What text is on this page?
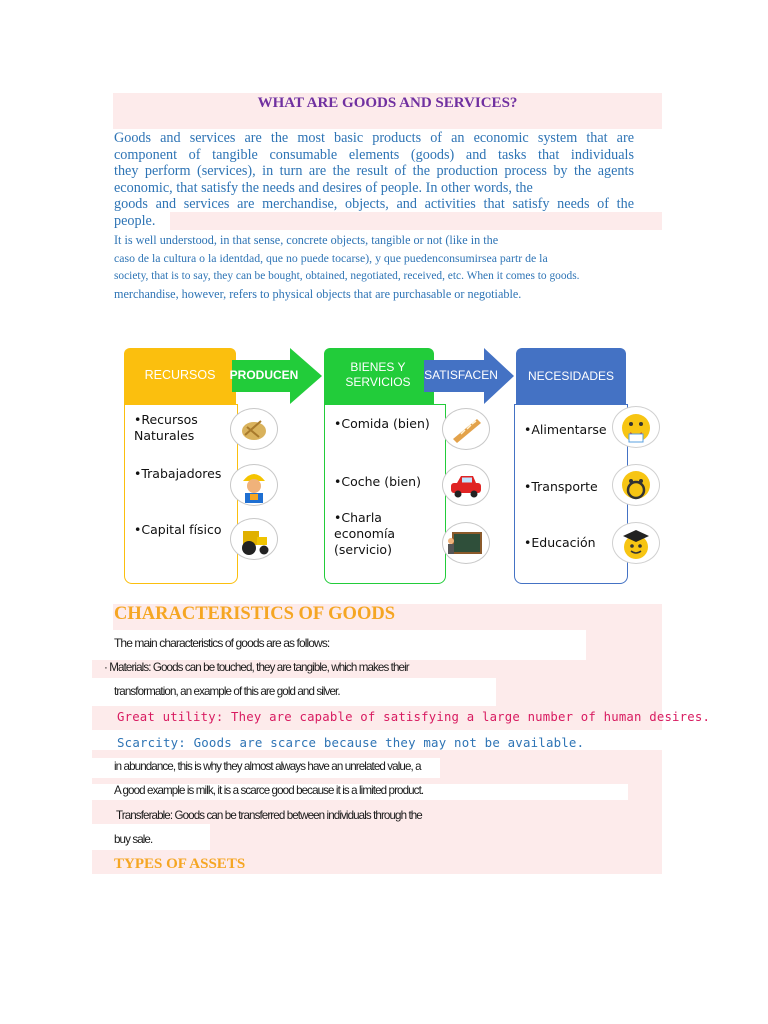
WHAT ARE GOODS AND SERVICES?
Goods and services are the most basic products of an economic system that are
component of tangible consumable elements (goods) and tasks that individuals
they perform (services), in turn are the result of the production process by the agents
economic, that satisfy the needs and desires of people. In other words, the
goods and services are merchandise, objects, and activities that satisfy needs of the
people.
It is well understood, in that sense, concrete objects, tangible or not (like in the
caso de la cultura o la identdad, que no puede tocarse), y que puedenconsumirsea partr de la
society, that is to say, they can be bought, obtained, negotiated, received, etc. When it comes to goods.
merchandise, however, refers to physical objects that are purchasable or negotiable.
RECURSOS	PRODUCEN
BIENES Y SERVICIOS	SATISFACEN	NECESIDADES
•Recursos Naturales
•Trabajadores
•Capital físico
•Comida (bien)
•Coche (bien)
•Charla economía (servicio)
•Alimentarse
•Transporte
•Educación
CHARACTERISTICS OF GOODS
The main characteristics of goods are as follows:
· Materials: Goods can be touched, they are tangible, which makes their
transformation, an example of this are gold and silver.
Great utility: They are capable of satisfying a large number of human desires.
Scarcity: Goods are scarce because they may not be available.
in abundance, this is why they almost always have an unrelated value, a
A good example is milk, it is a scarce good because it is a limited product.
Transferable: Goods can be transferred between individuals through the
buy sale.
TYPES OF ASSETS
